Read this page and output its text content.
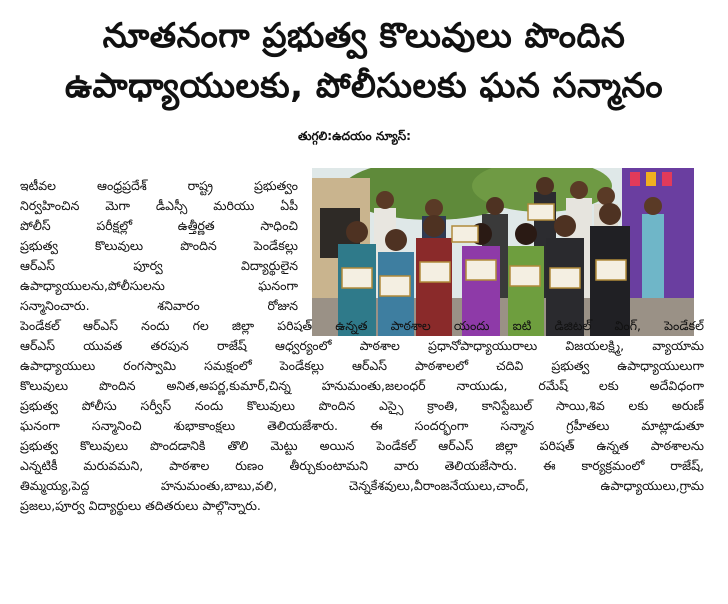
నూతనంగా ప్రభుత్వ కొలువులు పొందిన
ఉపాధ్యాయులకు, పోలీసులకు ఘన సన్మానం
తుగ్గలి:ఉదయం న్యూస్:
ఇటీవల ఆంధ్రప్రదేశ్ రాష్ట్ర ప్రభుత్వం
నిర్వహించిన మెగా డీఎస్సీ మరియు ఏపీ
పోలీస్ పరీక్షల్లో ఉత్తీర్ణత సాధించి
ప్రభుత్వ కొలువులు పొందిన పెండేకల్లు
ఆర్ఎస్ పూర్వ విద్యార్థులైన
ఉపాధ్యాయులను,పోలీసులను ఘనంగా
సన్మానించారు. శనివారం రోజున
పెండేకల్ ఆర్ఎస్ నందు గల జిల్లా పరిషత్ ఉన్నత పాఠశాల యందు ఐటి డిజిటల్ వింగ్, పెండేకల్
ఆర్ఎస్ యువత తరపున రాజేష్ ఆధ్వర్యంలో పాఠశాల ప్రధానోపాధ్యాయురాలు విజయలక్ష్మి, వ్యాయామ
ఉపాధ్యాయులు రంగస్వామి సమక్షంలో పెండేకల్లు ఆర్ఎస్ పాఠశాలలో చదివి ప్రభుత్వ ఉపాధ్యాయులుగా
కొలువులు పొందిన అనిత,అపర్ణ,కుమార్,చిన్న హనుమంతు,జలంధర్ నాయుడు, రమేష్ లకు అదేవిధంగా
ప్రభుత్వ పోలీసు సర్వీస్ నందు కొలువులు పొందిన ఎస్సై క్రాంతి, కానిస్టేబుల్ సాయి,శివ లకు అరుణ్
ఘనంగా సన్మానించి శుభాకాంక్షలు తెలియజేశారు. ఈ సందర్భంగా సన్మాన గ్రహీతలు మాట్లాడుతూ
ప్రభుత్వ కొలువులు పొందడానికి తొలి మెట్టు అయిన పెండేకల్ ఆర్ఎస్ జిల్లా పరిషత్ ఉన్నత పాఠశాలను
ఎన్నటికీ మరువమని, పాఠశాల రుణం తీర్చుకుంటామని వారు తెలియజేసారు. ఈ కార్యక్రమంలో రాజేష్,
తిమ్మయ్య,పెద్ద హనుమంతు,బాబు,వలి, చెన్నకేశవులు,వీరాంజనేయులు,చాంద్, ఉపాధ్యాయులు,గ్రామ
ప్రజలు,పూర్వ విద్యార్థులు తదితరులు పాల్గొన్నారు.
